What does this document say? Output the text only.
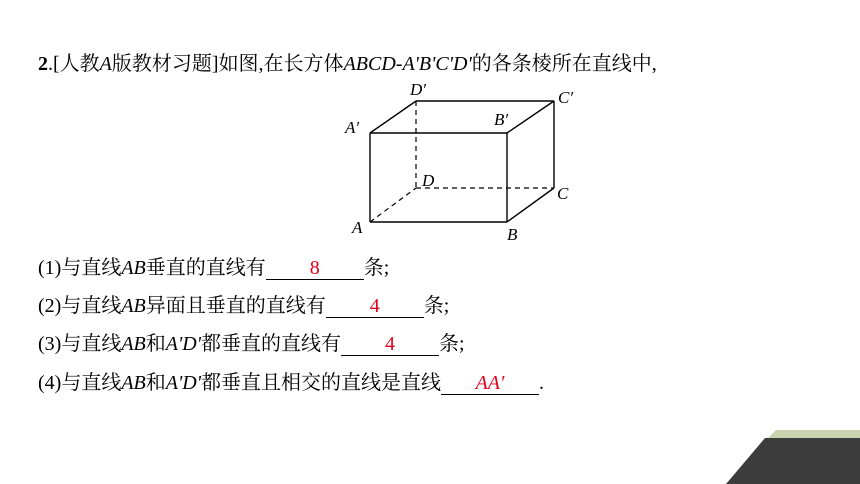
2.[人教A版教材习题]如图,在长方体ABCD-A'B'C'D'的各条棱所在直线中,
D′	C′
A′	B′
D
C
A	B
(1)与直线AB垂直的直线有 8 条;
(2)与直线AB异面且垂直的直线有 4 条;
(3)与直线AB和A'D'都垂直的直线有 4 条;
(4)与直线AB和A'D'都垂直且相交的直线是直线 AA′ .
